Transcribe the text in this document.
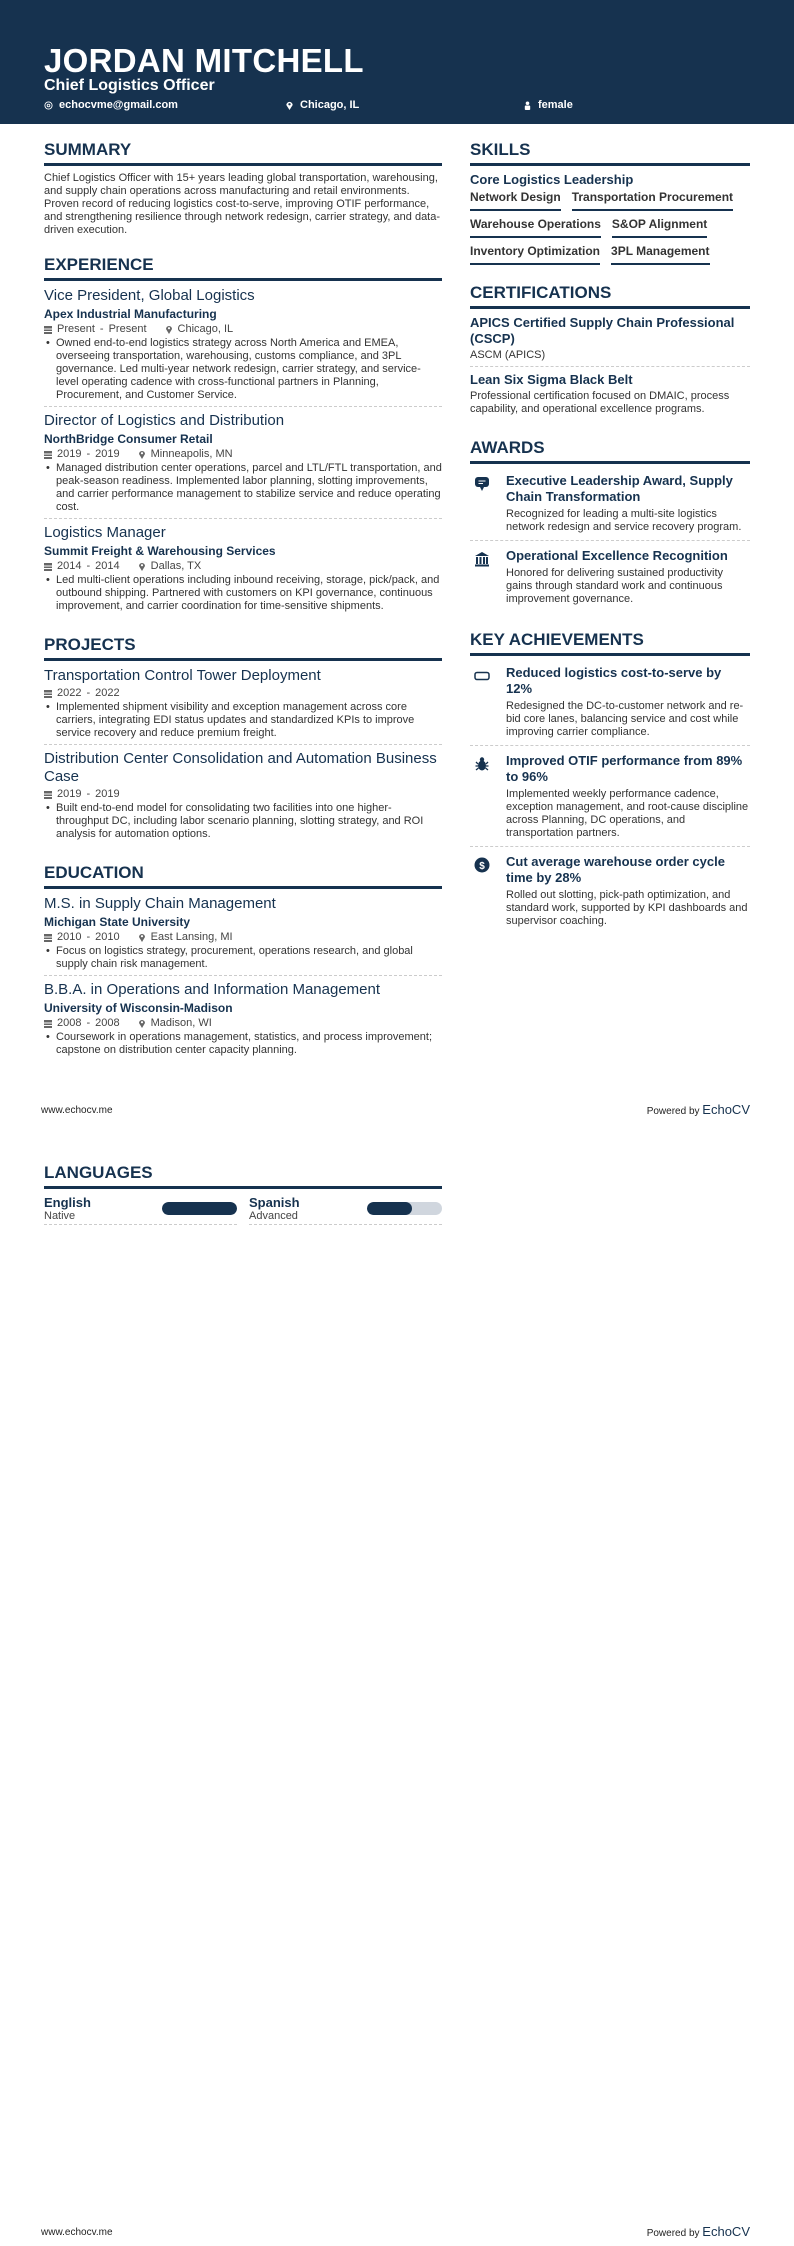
JORDAN MITCHELL
Chief Logistics Officer
echocvme@gmail.com	Chicago, IL	female
SUMMARY
Chief Logistics Officer with 15+ years leading global transportation, warehousing, and supply chain operations across manufacturing and retail environments. Proven record of reducing logistics cost-to-serve, improving OTIF performance, and strengthening resilience through network redesign, carrier strategy, and data-driven execution.
EXPERIENCE
Vice President, Global Logistics
Apex Industrial Manufacturing
Present - Present	Chicago, IL
• Owned end-to-end logistics strategy across North America and EMEA, overseeing transportation, warehousing, customs compliance, and 3PL governance. Led multi-year network redesign, carrier strategy, and service-level operating cadence with cross-functional partners in Planning, Procurement, and Customer Service.
Director of Logistics and Distribution
NorthBridge Consumer Retail
2019 - 2019	Minneapolis, MN
• Managed distribution center operations, parcel and LTL/FTL transportation, and peak-season readiness. Implemented labor planning, slotting improvements, and carrier performance management to stabilize service and reduce operating cost.
Logistics Manager
Summit Freight & Warehousing Services
2014 - 2014	Dallas, TX
• Led multi-client operations including inbound receiving, storage, pick/pack, and outbound shipping. Partnered with customers on KPI governance, continuous improvement, and carrier coordination for time-sensitive shipments.
PROJECTS
Transportation Control Tower Deployment
2022 - 2022
• Implemented shipment visibility and exception management across core carriers, integrating EDI status updates and standardized KPIs to improve service recovery and reduce premium freight.
Distribution Center Consolidation and Automation Business Case
2019 - 2019
• Built end-to-end model for consolidating two facilities into one higher-throughput DC, including labor scenario planning, slotting strategy, and ROI analysis for automation options.
EDUCATION
M.S. in Supply Chain Management
Michigan State University
2010 - 2010	East Lansing, MI
• Focus on logistics strategy, procurement, operations research, and global supply chain risk management.
B.B.A. in Operations and Information Management
University of Wisconsin-Madison
2008 - 2008	Madison, WI
• Coursework in operations management, statistics, and process improvement; capstone on distribution center capacity planning.
SKILLS
Core Logistics Leadership
Network Design Transportation Procurement
Warehouse Operations S&OP Alignment
Inventory Optimization 3PL Management
CERTIFICATIONS
APICS Certified Supply Chain Professional (CSCP)
ASCM (APICS)
Lean Six Sigma Black Belt
Professional certification focused on DMAIC, process capability, and operational excellence programs.
AWARDS
Executive Leadership Award, Supply Chain Transformation
Recognized for leading a multi-site logistics network redesign and service recovery program.
Operational Excellence Recognition
Honored for delivering sustained productivity gains through standard work and continuous improvement governance.
KEY ACHIEVEMENTS
Reduced logistics cost-to-serve by 12%
Redesigned the DC-to-customer network and re-bid core lanes, balancing service and cost while improving carrier compliance.
Improved OTIF performance from 89% to 96%
Implemented weekly performance cadence, exception management, and root-cause discipline across Planning, DC operations, and transportation partners.
$ Cut average warehouse order cycle time by 28%
Rolled out slotting, pick-path optimization, and standard work, supported by KPI dashboards and supervisor coaching.
www.echocv.me	Powered by EchoCV
LANGUAGES
English
Native
Spanish
Advanced
www.echocv.me	Powered by EchoCV
